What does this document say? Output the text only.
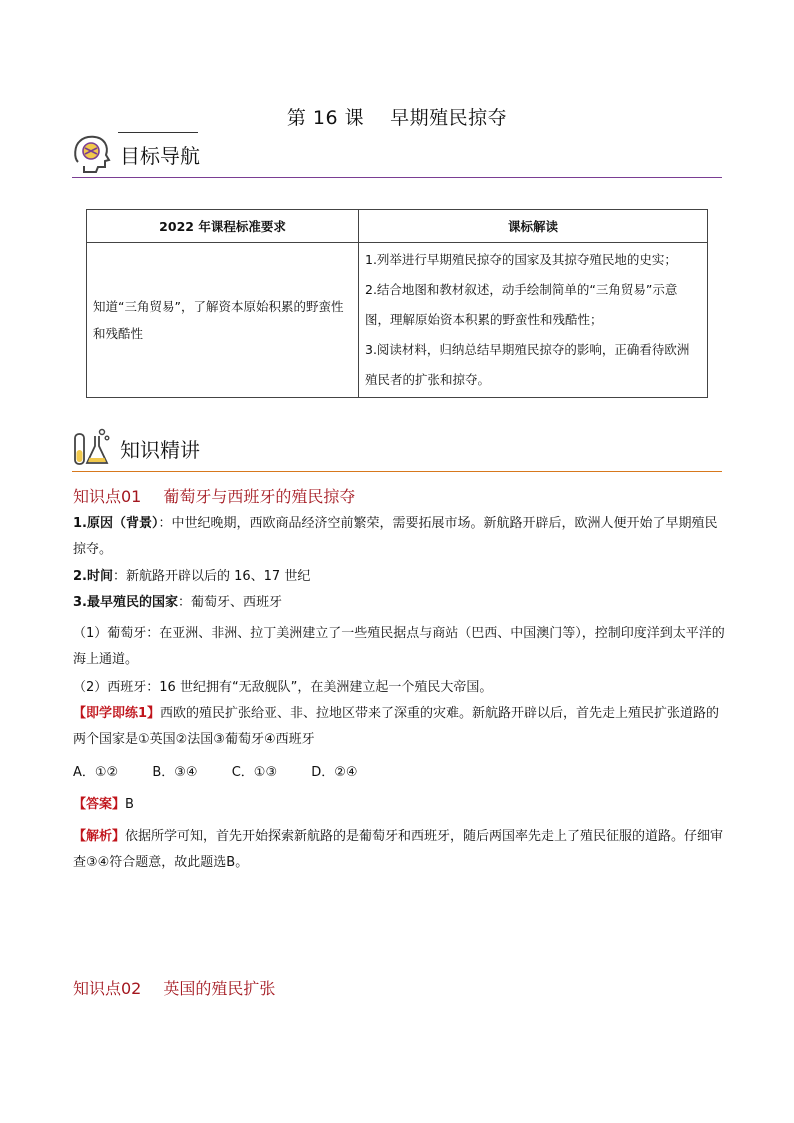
第 16 课 早期殖民掠夺
目标导航
2022 年课程标准要求	课标解读
知道“三角贸易”，了解资本原始积累的野蛮性和残酷性	1.列举进行早期殖民掠夺的国家及其掠夺殖民地的史实；
2.结合地图和教材叙述，动手绘制简单的“三角贸易”示意图，理解原始资本积累的野蛮性和残酷性；
3.阅读材料，归纳总结早期殖民掠夺的影响，正确看待欧洲殖民者的扩张和掠夺。
知识精讲
知识点01 葡萄牙与西班牙的殖民掠夺
1.原因（背景）：中世纪晚期，西欧商品经济空前繁荣，需要拓展市场。新航路开辟后，欧洲人便开始了早期殖民掠夺。
2.时间：新航路开辟以后的 16、17 世纪
3.最早殖民的国家：葡萄牙、西班牙
（1）葡萄牙：在亚洲、非洲、拉丁美洲建立了一些殖民据点与商站（巴西、中国澳门等），控制印度洋到太平洋的海上通道。
（2）西班牙：16 世纪拥有“无敌舰队”，在美洲建立起一个殖民大帝国。
【即学即练1】西欧的殖民扩张给亚、非、拉地区带来了深重的灾难。新航路开辟以后，首先走上殖民扩张道路的两个国家是①英国②法国③葡萄牙④西班牙
A．①②	B．③④	C．①③	D．②④
【答案】B
【解析】依据所学可知，首先开始探索新航路的是葡萄牙和西班牙，随后两国率先走上了殖民征服的道路。仔细审查③④符合题意，故此题选B。
知识点02 英国的殖民扩张
